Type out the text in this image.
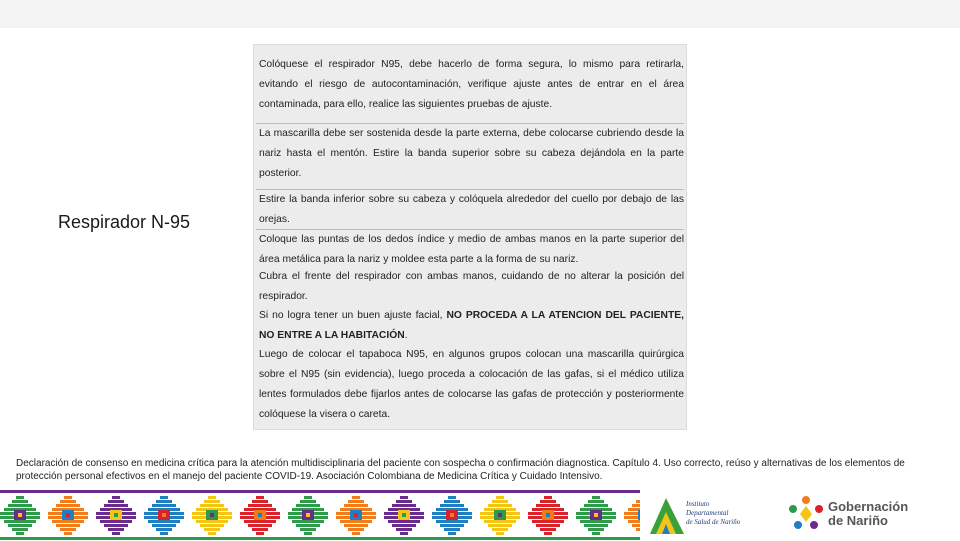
Respirador N-95
Colóquese el respirador N95, debe hacerlo de forma segura, lo mismo para retirarla, evitando el riesgo de autocontaminación, verifique ajuste antes de entrar en el área contaminada, para ello, realice las siguientes pruebas de ajuste.
La mascarilla debe ser sostenida desde la parte externa, debe colocarse cubriendo desde la nariz hasta el mentón. Estire la banda superior sobre su cabeza dejándola en la parte posterior.
Estire la banda inferior sobre su cabeza y colóquela alrededor del cuello por debajo de las orejas.
Coloque las puntas de los dedos índice y medio de ambas manos en la parte superior del área metálica para la nariz y moldee esta parte a la forma de su nariz.
Cubra el frente del respirador con ambas manos, cuidando de no alterar la posición del respirador.
Si no logra tener un buen ajuste facial, NO PROCEDA A LA ATENCION DEL PACIENTE, NO ENTRE A LA HABITACIÓN.
Luego de colocar el tapaboca N95, en algunos grupos colocan una mascarilla quirúrgica sobre el N95 (sin evidencia), luego proceda a colocación de las gafas, si el médico utiliza lentes formulados debe fijarlos antes de colocarse las gafas de protección y posteriormente colóquese la visera o careta.
Declaración de consenso en medicina crítica para la atención multidisciplinaria del paciente con sospecha o confirmación diagnostica. Capítulo 4. Uso correcto, reúso y alternativas de los elementos de protección personal efectivos en el manejo del paciente COVID-19. Asociación Colombiana de Medicina Crítica y Cuidado Intensivo.
Instituto
Departamental
de Salud de Nariño
Gobernación
de Nariño
